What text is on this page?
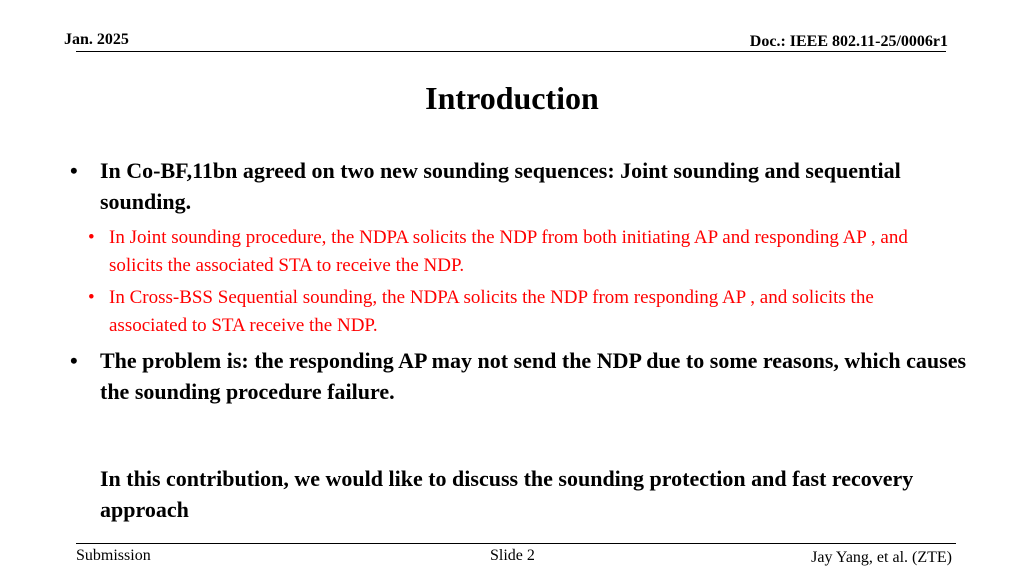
Jan. 2025	Doc.: IEEE 802.11-25/0006r1
Introduction
•	In Co-BF,11bn agreed on two new sounding sequences: Joint sounding and sequential sounding.
• In Joint sounding procedure, the NDPA solicits the NDP from both initiating AP and responding AP , and solicits the associated STA to receive the NDP.
• In Cross-BSS Sequential sounding, the NDPA solicits the NDP from responding AP , and solicits the associated to STA receive the NDP.
•	The problem is: the responding AP may not send the NDP due to some reasons, which causes the sounding procedure failure.
In this contribution, we would like to discuss the sounding protection and fast recovery approach
Submission	Slide 2	Jay Yang, et al. (ZTE)
